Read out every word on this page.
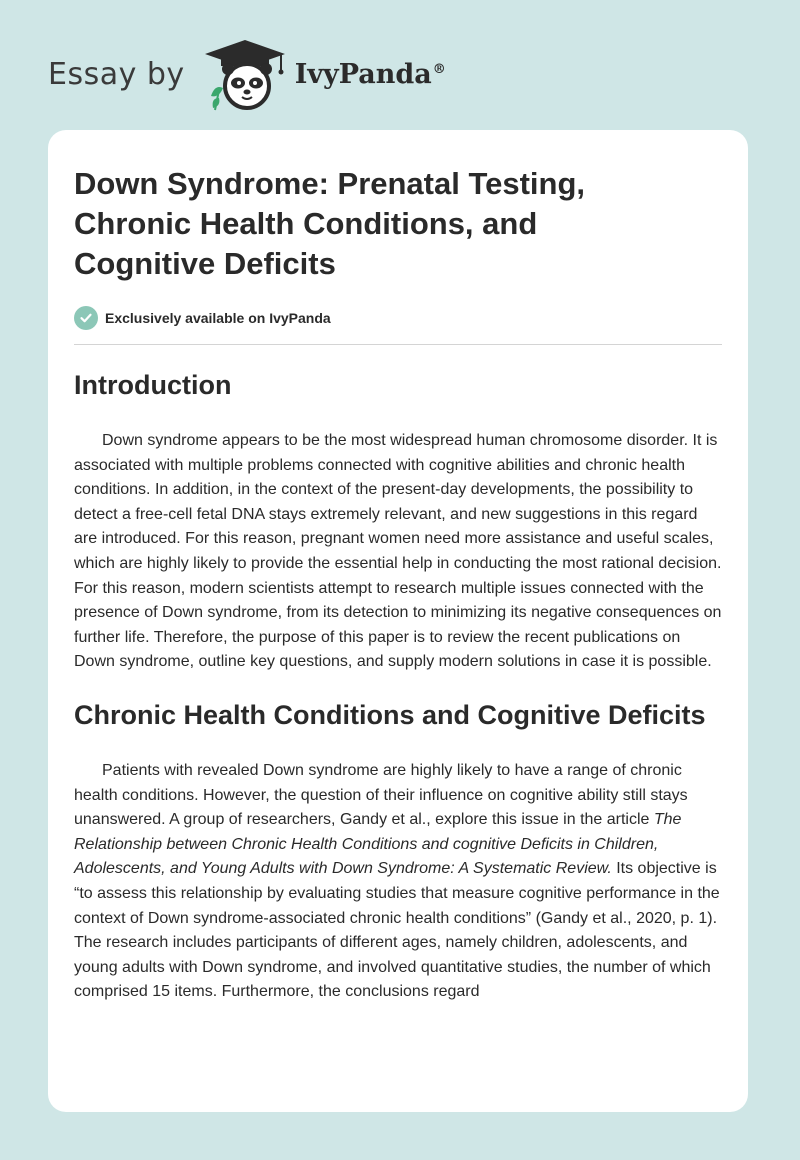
Essay by	IvyPanda®
Down Syndrome: Prenatal Testing, Chronic Health Conditions, and Cognitive Deficits
Exclusively available on IvyPanda
Introduction

Down syndrome appears to be the most widespread human chromosome disorder. It is associated with multiple problems connected with cognitive abilities and chronic health conditions. In addition, in the context of the present-day developments, the possibility to detect a free-cell fetal DNA stays extremely relevant, and new suggestions in this regard are introduced. For this reason, pregnant women need more assistance and useful scales, which are highly likely to provide the essential help in conducting the most rational decision. For this reason, modern scientists attempt to research multiple issues connected with the presence of Down syndrome, from its detection to minimizing its negative consequences on further life. Therefore, the purpose of this paper is to review the recent publications on Down syndrome, outline key questions, and supply modern solutions in case it is possible.

Chronic Health Conditions and Cognitive Deficits

Patients with revealed Down syndrome are highly likely to have a range of chronic health conditions. However, the question of their influence on cognitive ability still stays unanswered. A group of researchers, Gandy et al., explore this issue in the article The Relationship between Chronic Health Conditions and cognitive Deficits in Children, Adolescents, and Young Adults with Down Syndrome: A Systematic Review. Its objective is “to assess this relationship by evaluating studies that measure cognitive performance in the context of Down syndrome-associated chronic health conditions” (Gandy et al., 2020, p. 1). The research includes participants of different ages, namely children, adolescents, and young adults with Down syndrome, and involved quantitative studies, the number of which comprised 15 items. Furthermore, the conclusions regard
